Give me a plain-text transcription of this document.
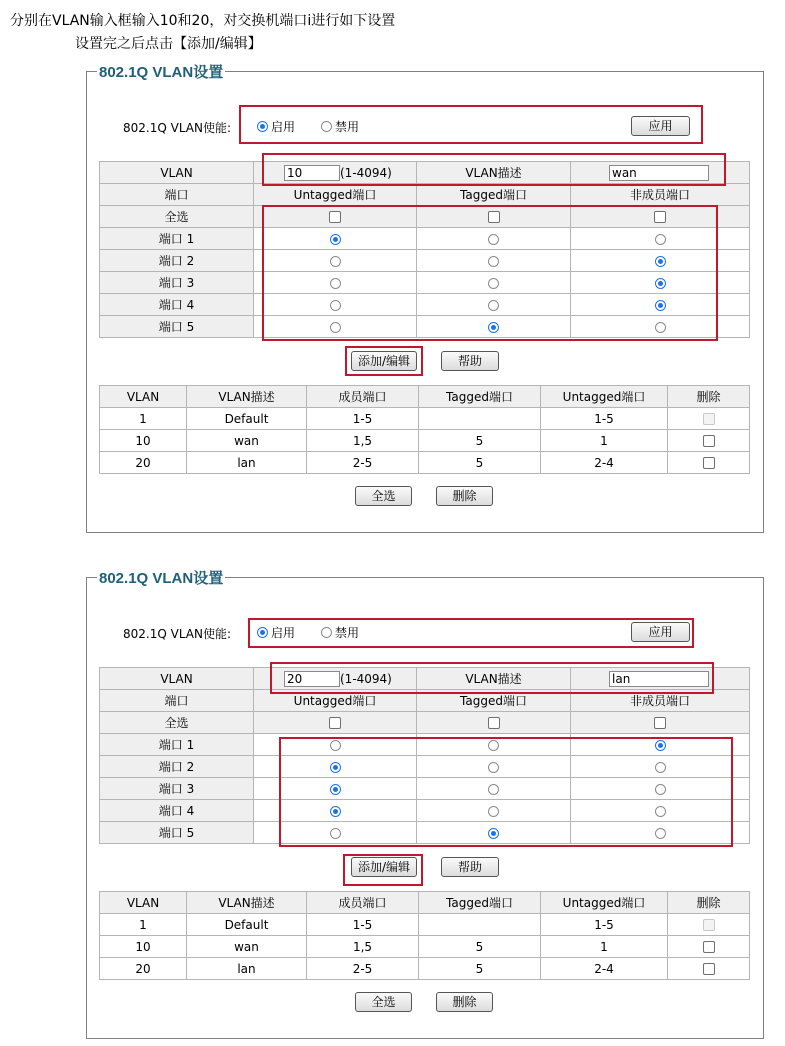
分别在VLAN输入框输入10和20，对交换机端口i进行如下设置
设置完之后点击【添加/编辑】
802.1Q VLAN设置
802.1Q VLAN使能:	启用	禁用	应用
VLAN	10 (1-4094)	VLAN描述	wan
端口	Untagged端口	Tagged端口	非成员端口
全选			
端口 1			
端口 2			
端口 3			
端口 4			
端口 5			
添加/编辑	帮助
VLAN	VLAN描述	成员端口	Tagged端口	Untagged端口	删除
1	Default	1-5		1-5	
10	wan	1,5	5	1	
20	lan	2-5	5	2-4	
全选	删除
802.1Q VLAN设置
802.1Q VLAN使能:	启用	禁用	应用
VLAN	20 (1-4094)	VLAN描述	lan
端口	Untagged端口	Tagged端口	非成员端口
全选			
端口 1			
端口 2			
端口 3			
端口 4			
端口 5			
添加/编辑	帮助
VLAN	VLAN描述	成员端口	Tagged端口	Untagged端口	删除
1	Default	1-5		1-5	
10	wan	1,5	5	1	
20	lan	2-5	5	2-4	
全选	删除
